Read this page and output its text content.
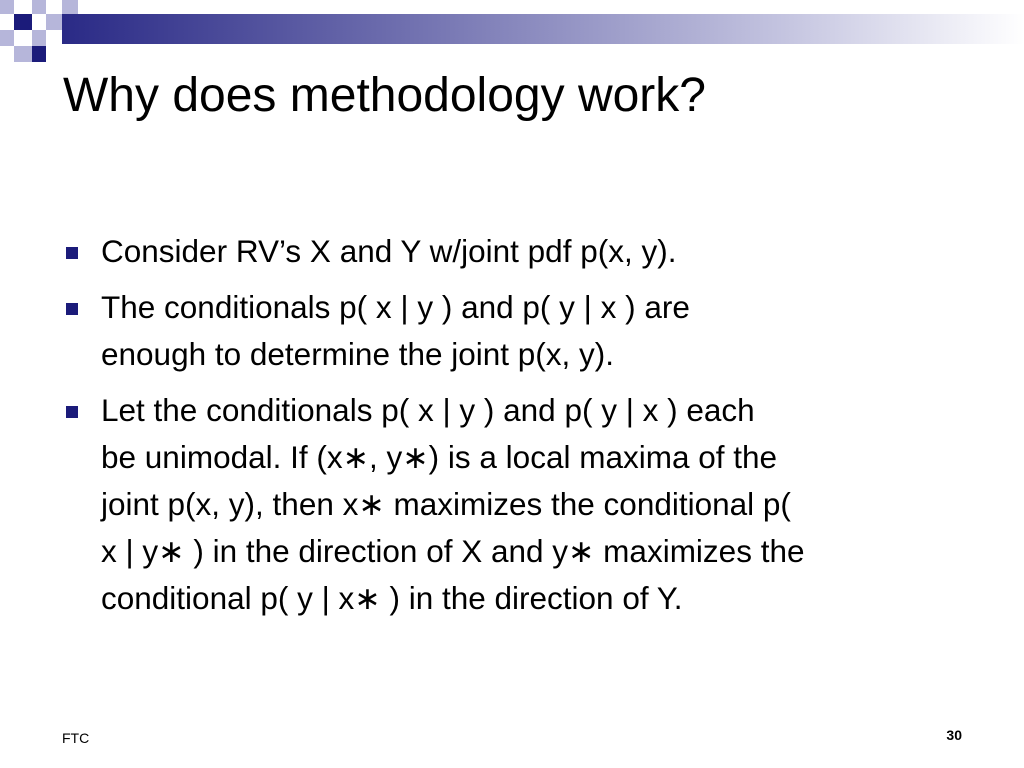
Why does methodology work?
Consider RV’s X and Y w/joint pdf p(x, y).
The conditionals p( x | y ) and p( y | x ) are
enough to determine the joint p(x, y).
Let the conditionals p( x | y ) and p( y | x ) each
be unimodal. If (x∗, y∗) is a local maxima of the
joint p(x, y), then x∗ maximizes the conditional p(
x | y∗ ) in the direction of X and y∗ maximizes the
conditional p( y | x∗ ) in the direction of Y.
FTC	30
